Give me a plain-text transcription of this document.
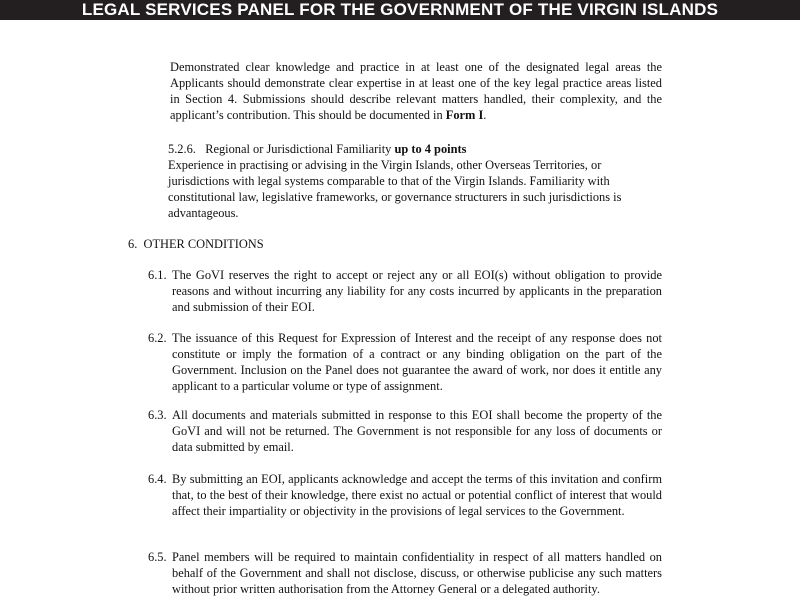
LEGAL SERVICES PANEL FOR THE GOVERNMENT OF THE VIRGIN ISLANDS
Demonstrated clear knowledge and practice in at least one of the designated legal areas the Applicants should demonstrate clear expertise in at least one of the key legal practice areas listed in Section 4. Submissions should describe relevant matters handled, their complexity, and the applicant’s contribution. This should be documented in Form I.
5.2.6. Regional or Jurisdictional Familiarity up to 4 points
Experience in practising or advising in the Virgin Islands, other Overseas Territories, or jurisdictions with legal systems comparable to that of the Virgin Islands. Familiarity with constitutional law, legislative frameworks, or governance structurers in such jurisdictions is advantageous.
6. OTHER CONDITIONS
6.1. The GoVI reserves the right to accept or reject any or all EOI(s) without obligation to provide reasons and without incurring any liability for any costs incurred by applicants in the preparation and submission of their EOI.
6.2. The issuance of this Request for Expression of Interest and the receipt of any response does not constitute or imply the formation of a contract or any binding obligation on the part of the Government. Inclusion on the Panel does not guarantee the award of work, nor does it entitle any applicant to a particular volume or type of assignment.
6.3. All documents and materials submitted in response to this EOI shall become the property of the GoVI and will not be returned. The Government is not responsible for any loss of documents or data submitted by email.
6.4. By submitting an EOI, applicants acknowledge and accept the terms of this invitation and confirm that, to the best of their knowledge, there exist no actual or potential conflict of interest that would affect their impartiality or objectivity in the provisions of legal services to the Government.
6.5. Panel members will be required to maintain confidentiality in respect of all matters handled on behalf of the Government and shall not disclose, discuss, or otherwise publicise any such matters without prior written authorisation from the Attorney General or a delegated authority.
